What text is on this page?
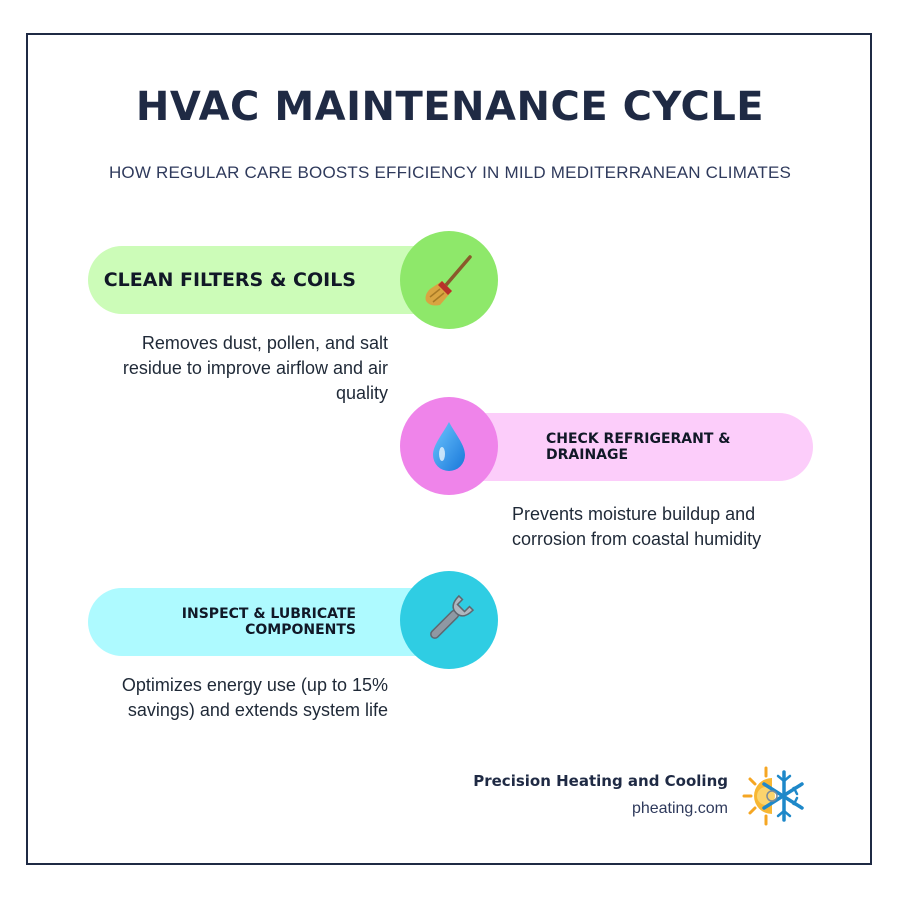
HVAC MAINTENANCE CYCLE
HOW REGULAR CARE BOOSTS EFFICIENCY IN MILD MEDITERRANEAN CLIMATES
CLEAN FILTERS & COILS
Removes dust, pollen, and salt residue to improve airflow and air quality
CHECK REFRIGERANT & DRAINAGE
Prevents moisture buildup and corrosion from coastal humidity
INSPECT & LUBRICATE COMPONENTS
Optimizes energy use (up to 15% savings) and extends system life
Precision Heating and Cooling
pheating.com
